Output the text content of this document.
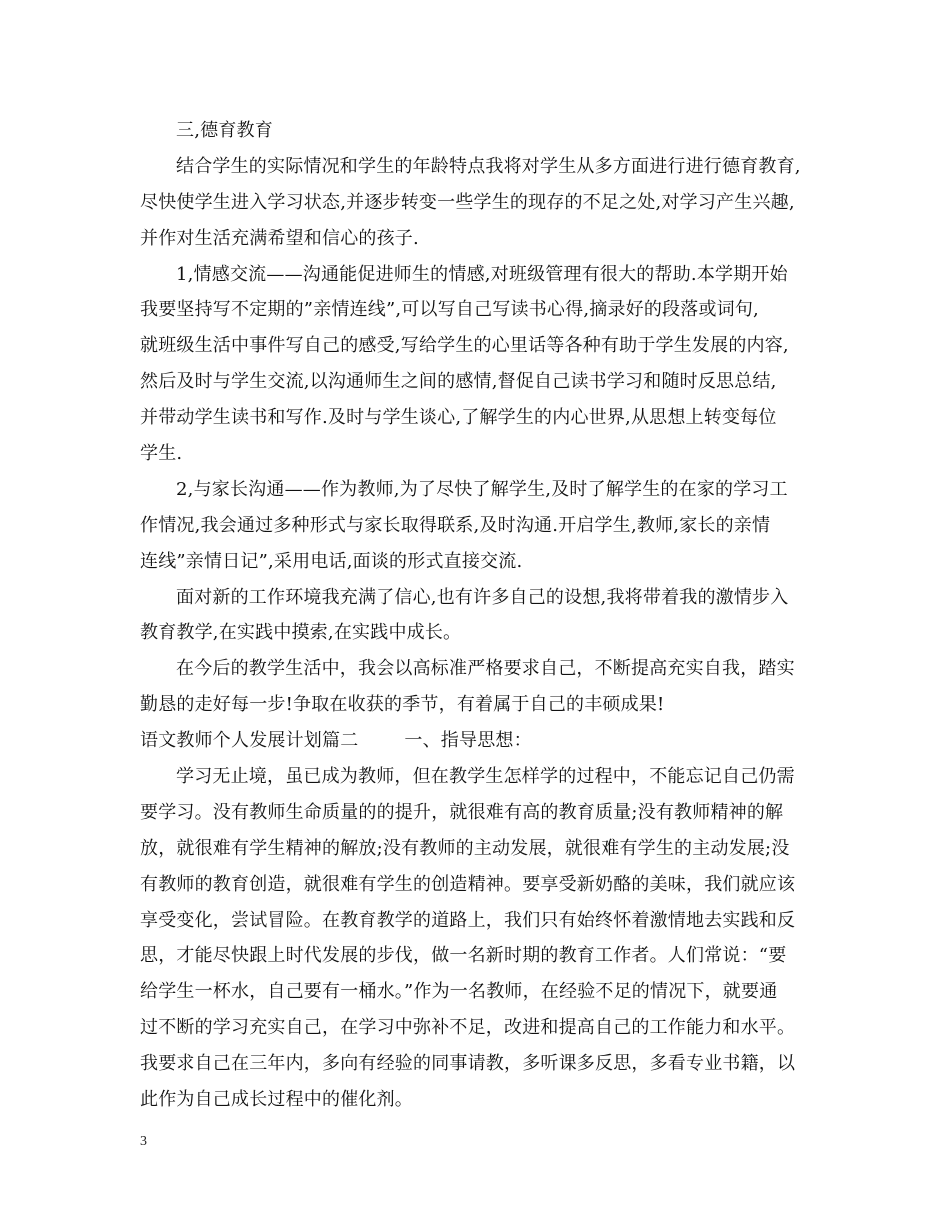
三,德育教育
结合学生的实际情况和学生的年龄特点我将对学生从多方面进行进行德育教育,
尽快使学生进入学习状态,并逐步转变一些学生的现存的不足之处,对学习产生兴趣,
并作对生活充满希望和信心的孩子.
1,情感交流——沟通能促进师生的情感,对班级管理有很大的帮助.本学期开始
我要坚持写不定期的”亲情连线”,可以写自己写读书心得,摘录好的段落或词句,
就班级生活中事件写自己的感受,写给学生的心里话等各种有助于学生发展的内容,
然后及时与学生交流,以沟通师生之间的感情,督促自己读书学习和随时反思总结,
并带动学生读书和写作.及时与学生谈心,了解学生的内心世界,从思想上转变每位
学生.
2,与家长沟通——作为教师,为了尽快了解学生,及时了解学生的在家的学习工
作情况,我会通过多种形式与家长取得联系,及时沟通.开启学生,教师,家长的亲情
连线”亲情日记”,采用电话,面谈的形式直接交流.
面对新的工作环境我充满了信心,也有许多自己的设想,我将带着我的激情步入
教育教学,在实践中摸索,在实践中成长。
在今后的教学生活中，我会以高标准严格要求自己，不断提高充实自我，踏实
勤恳的走好每一步!争取在收获的季节，有着属于自己的丰硕成果!
语文教师个人发展计划篇二	一、指导思想：
学习无止境，虽已成为教师，但在教学生怎样学的过程中，不能忘记自己仍需
要学习。没有教师生命质量的的提升，就很难有高的教育质量;没有教师精神的解
放，就很难有学生精神的解放;没有教师的主动发展，就很难有学生的主动发展;没
有教师的教育创造，就很难有学生的创造精神。要享受新奶酪的美味，我们就应该
享受变化，尝试冒险。在教育教学的道路上，我们只有始终怀着激情地去实践和反
思，才能尽快跟上时代发展的步伐，做一名新时期的教育工作者。人们常说：“要
给学生一杯水，自己要有一桶水。”作为一名教师，在经验不足的情况下，就要通
过不断的学习充实自己，在学习中弥补不足，改进和提高自己的工作能力和水平。
我要求自己在三年内，多向有经验的同事请教，多听课多反思，多看专业书籍，以
此作为自己成长过程中的催化剂。
3
